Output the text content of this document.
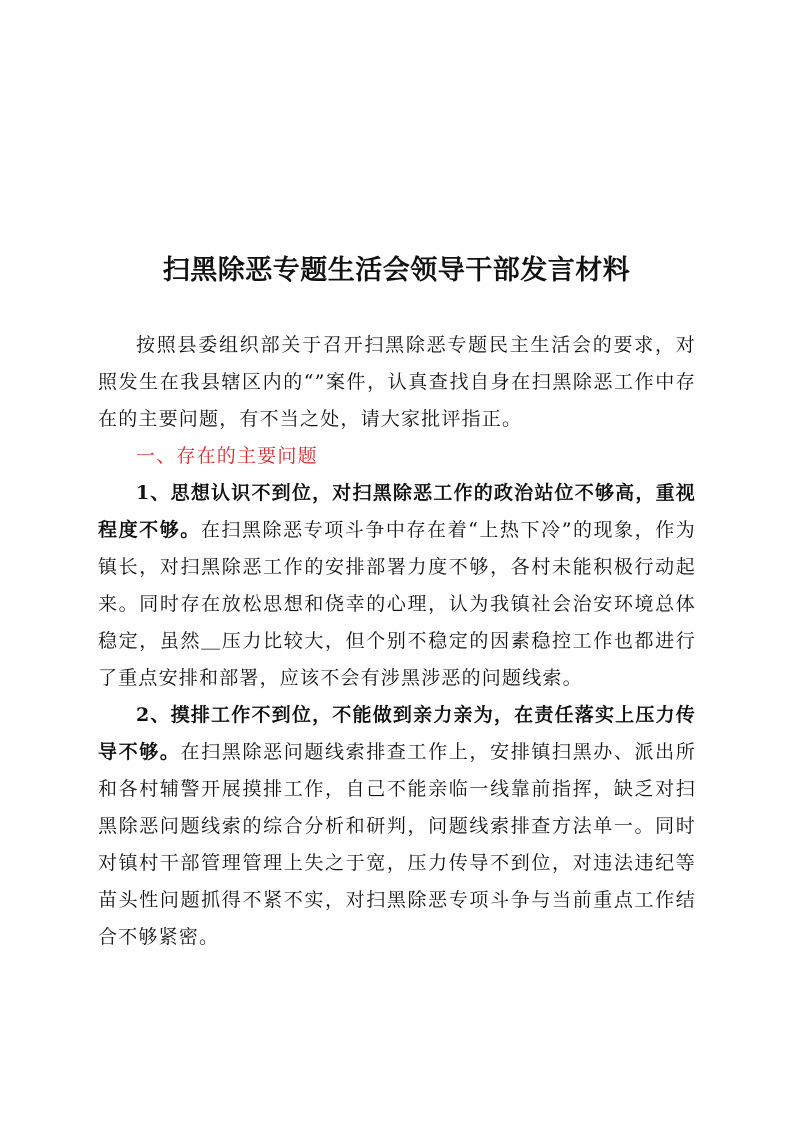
扫黑除恶专题生活会领导干部发言材料

按照县委组织部关于召开扫黑除恶专题民主生活会的要求，对照发生在我县辖区内的“”案件，认真查找自身在扫黑除恶工作中存在的主要问题，有不当之处，请大家批评指正。

一、存在的主要问题

1、思想认识不到位，对扫黑除恶工作的政治站位不够高，重视程度不够。在扫黑除恶专项斗争中存在着“上热下冷”的现象，作为镇长，对扫黑除恶工作的安排部署力度不够，各村未能积极行动起来。同时存在放松思想和侥幸的心理，认为我镇社会治安环境总体稳定，虽然＿压力比较大，但个别不稳定的因素稳控工作也都进行了重点安排和部署，应该不会有涉黑涉恶的问题线索。

2、摸排工作不到位，不能做到亲力亲为，在责任落实上压力传导不够。在扫黑除恶问题线索排查工作上，安排镇扫黑办、派出所和各村辅警开展摸排工作，自己不能亲临一线靠前指挥，缺乏对扫黑除恶问题线索的综合分析和研判，问题线索排查方法单一。同时对镇村干部管理管理上失之于宽，压力传导不到位，对违法违纪等苗头性问题抓得不紧不实，对扫黑除恶专项斗争与当前重点工作结合不够紧密。
